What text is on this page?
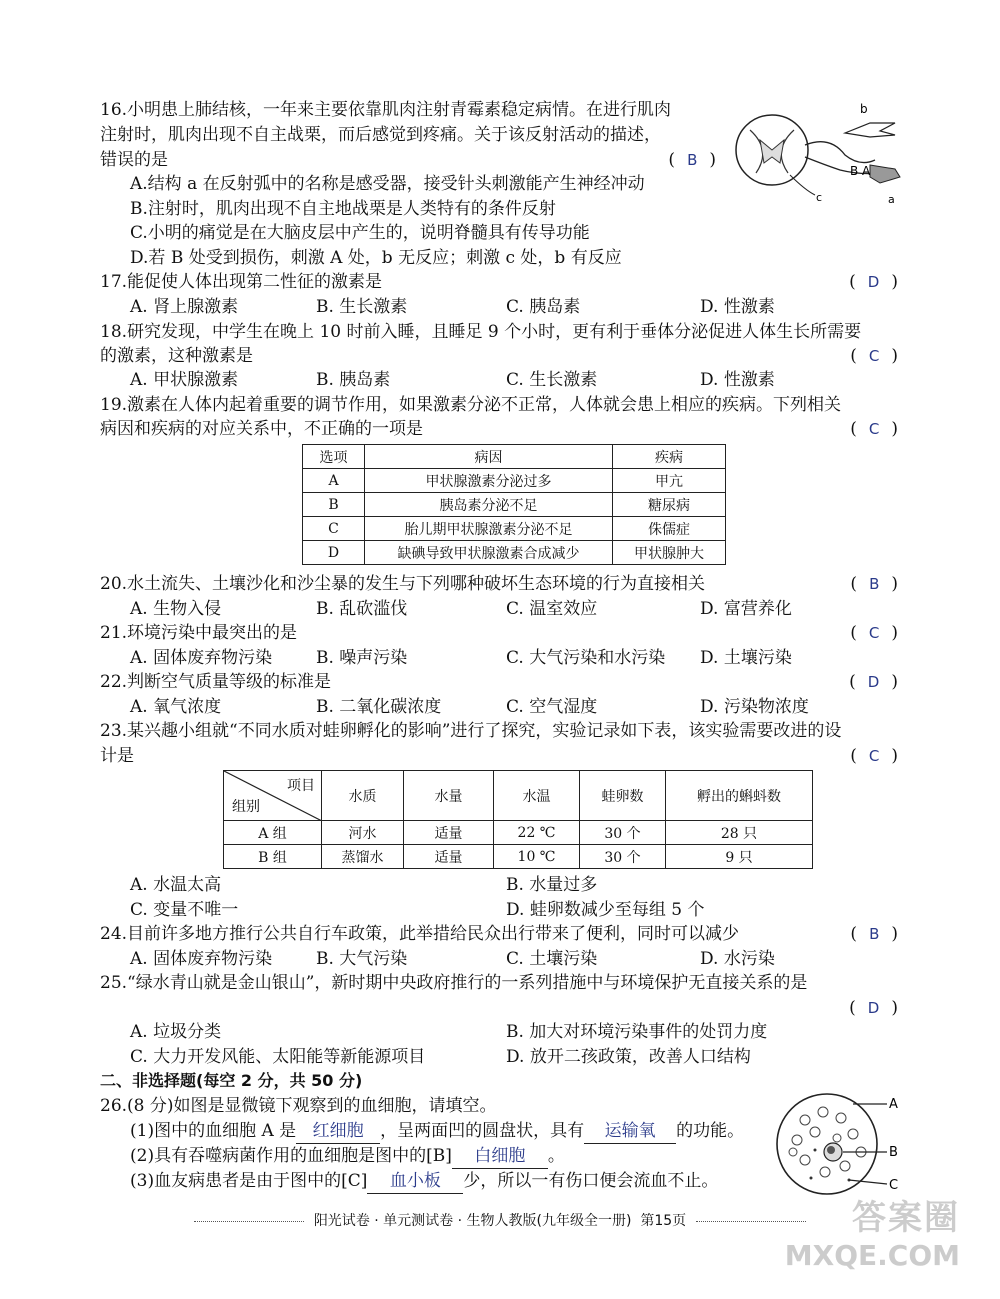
16.小明患上肺结核，一年来主要依靠肌肉注射青霉素稳定病情。在进行肌肉
注射时，肌肉出现不自主战栗，而后感觉到疼痛。关于该反射活动的描述，
错误的是	( B )
A.结构 a 在反射弧中的名称是感受器，接受针头刺激能产生神经冲动
B.注射时，肌肉出现不自主地战栗是人类特有的条件反射
C.小明的痛觉是在大脑皮层中产生的，说明脊髓具有传导功能
D.若 B 处受到损伤，刺激 A 处，b 无反应；刺激 c 处，b 有反应
b
B A
c	a
17.能促使人体出现第二性征的激素是	( D )
A. 肾上腺激素	B. 生长激素	C. 胰岛素	D. 性激素
18.研究发现，中学生在晚上 10 时前入睡，且睡足 9 个小时，更有利于垂体分泌促进人体生长所需要
的激素，这种激素是	( C )
A. 甲状腺激素	B. 胰岛素	C. 生长激素	D. 性激素
19.激素在人体内起着重要的调节作用，如果激素分泌不正常，人体就会患上相应的疾病。下列相关
病因和疾病的对应关系中，不正确的一项是	( C )
选项	病因	疾病
A	甲状腺激素分泌过多	甲亢
B	胰岛素分泌不足	糖尿病
C	胎儿期甲状腺激素分泌不足	侏儒症
D	缺碘导致甲状腺激素合成减少	甲状腺肿大
20.水土流失、土壤沙化和沙尘暴的发生与下列哪种破坏生态环境的行为直接相关	( B )
A. 生物入侵	B. 乱砍滥伐	C. 温室效应	D. 富营养化
21.环境污染中最突出的是	( C )
A. 固体废弃物污染	B. 噪声污染	C. 大气污染和水污染 D. 土壤污染
22.判断空气质量等级的标准是	( D )
A. 氧气浓度	B. 二氧化碳浓度	C. 空气湿度	D. 污染物浓度
23.某兴趣小组就“不同水质对蛙卵孵化的影响”进行了探究，实验记录如下表，该实验需要改进的设
计是	( C )
项目
组别	水质	水量	水温	蛙卵数	孵出的蝌蚪数
A 组	河水	适量	22 ℃	30 个	28 只
B 组	蒸馏水	适量	10 ℃	30 个	9 只
A. 水温太高	B. 水量过多
C. 变量不唯一	D. 蛙卵数减少至每组 5 个
24.目前许多地方推行公共自行车政策，此举措给民众出行带来了便利，同时可以减少	( B )
A. 固体废弃物污染	B. 大气污染	C. 土壤污染	D. 水污染
25.“绿水青山就是金山银山”，新时期中央政府推行的一系列措施中与环境保护无直接关系的是
( D )
A. 垃圾分类	B. 加大对环境污染事件的处罚力度
C. 大力开发风能、太阳能等新能源项目	D. 放开二孩政策，改善人口结构
二、非选择题(每空 2 分，共 50 分)
26.(8 分)如图是显微镜下观察到的血细胞，请填空。
(1)图中的血细胞 A 是 红细胞 ，呈两面凹的圆盘状，具有 运输氧 的功能。
(2)具有吞噬病菌作用的血细胞是图中的[B] 白细胞 。
(3)血友病患者是由于图中的[C] 血小板 少，所以一有伤口便会流血不止。
A
B
C
阳光试卷 · 单元测试卷 · 生物人教版(九年级全一册) 第15页	答案圈
MXQE.COM
